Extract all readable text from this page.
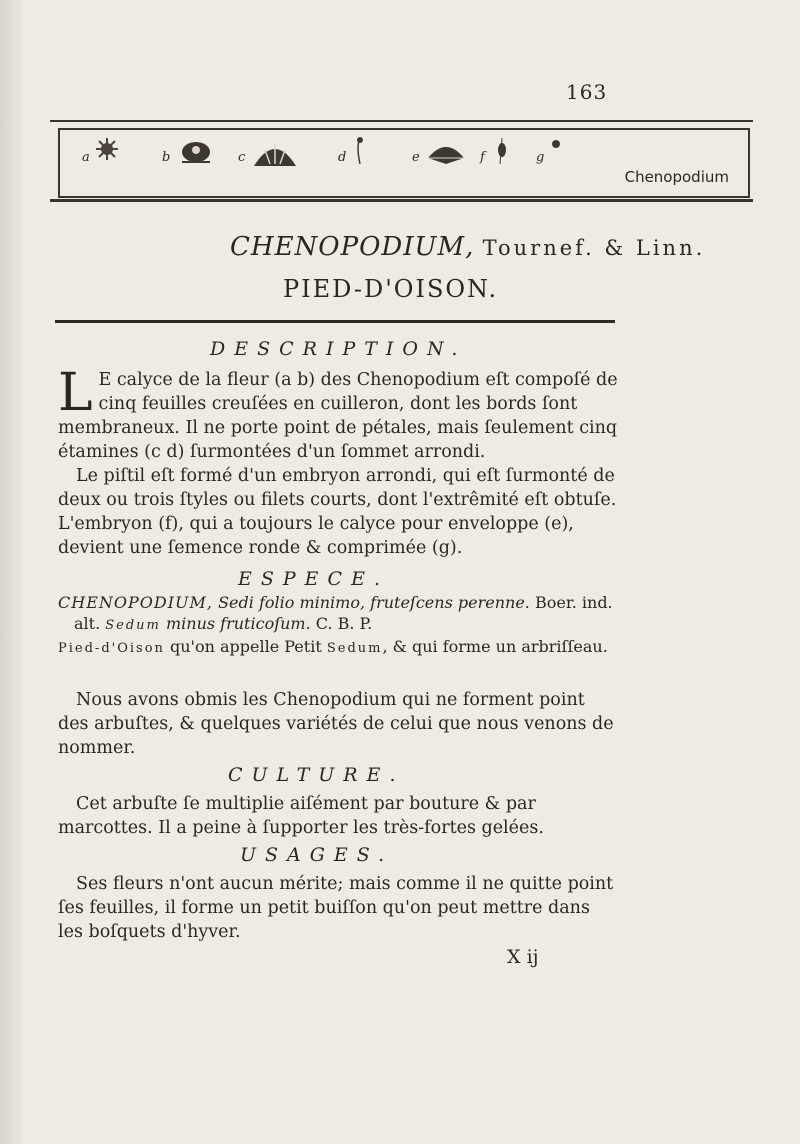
163
a	b	c	d	e	f	g
Chenopodium
CHENOPODIUM, Tournef. & Linn.
PIED-D'OISON.
DESCRIPTION.

L E calyce de la fleur (a b) des Chenopodium eſt compoſé de cinq feuilles creuſées en cuilleron, dont les bords ſont membraneux. Il ne porte point de pétales, mais ſeulement cinq étamines (c d) ſurmontées d'un ſommet arrondi.

Le piſtil eſt formé d'un embryon arrondi, qui eſt ſurmonté de deux ou trois ſtyles ou filets courts, dont l'extrêmité eſt obtuſe. L'embryon (f), qui a toujours le calyce pour enveloppe (e), devient une ſemence ronde & comprimée (g).

ESPECE.
CHENOPODIUM, Sedi folio minimo, fruteſcens perenne. Boer. ind.
alt. Sedum minus fruticoſum. C. B. P.
Pied-d'Oison qu'on appelle Petit Sedum, & qui forme un arbriſſeau.

Nous avons obmis les Chenopodium qui ne forment point des arbuſtes, & quelques variétés de celui que nous venons de nommer.

CULTURE.

Cet arbuſte ſe multiplie aiſément par bouture & par marcottes. Il a peine à ſupporter les très-fortes gelées.

USAGES.

Ses fleurs n'ont aucun mérite; mais comme il ne quitte point ſes feuilles, il forme un petit buiſſon qu'on peut mettre dans les boſquets d'hyver.

X ij
